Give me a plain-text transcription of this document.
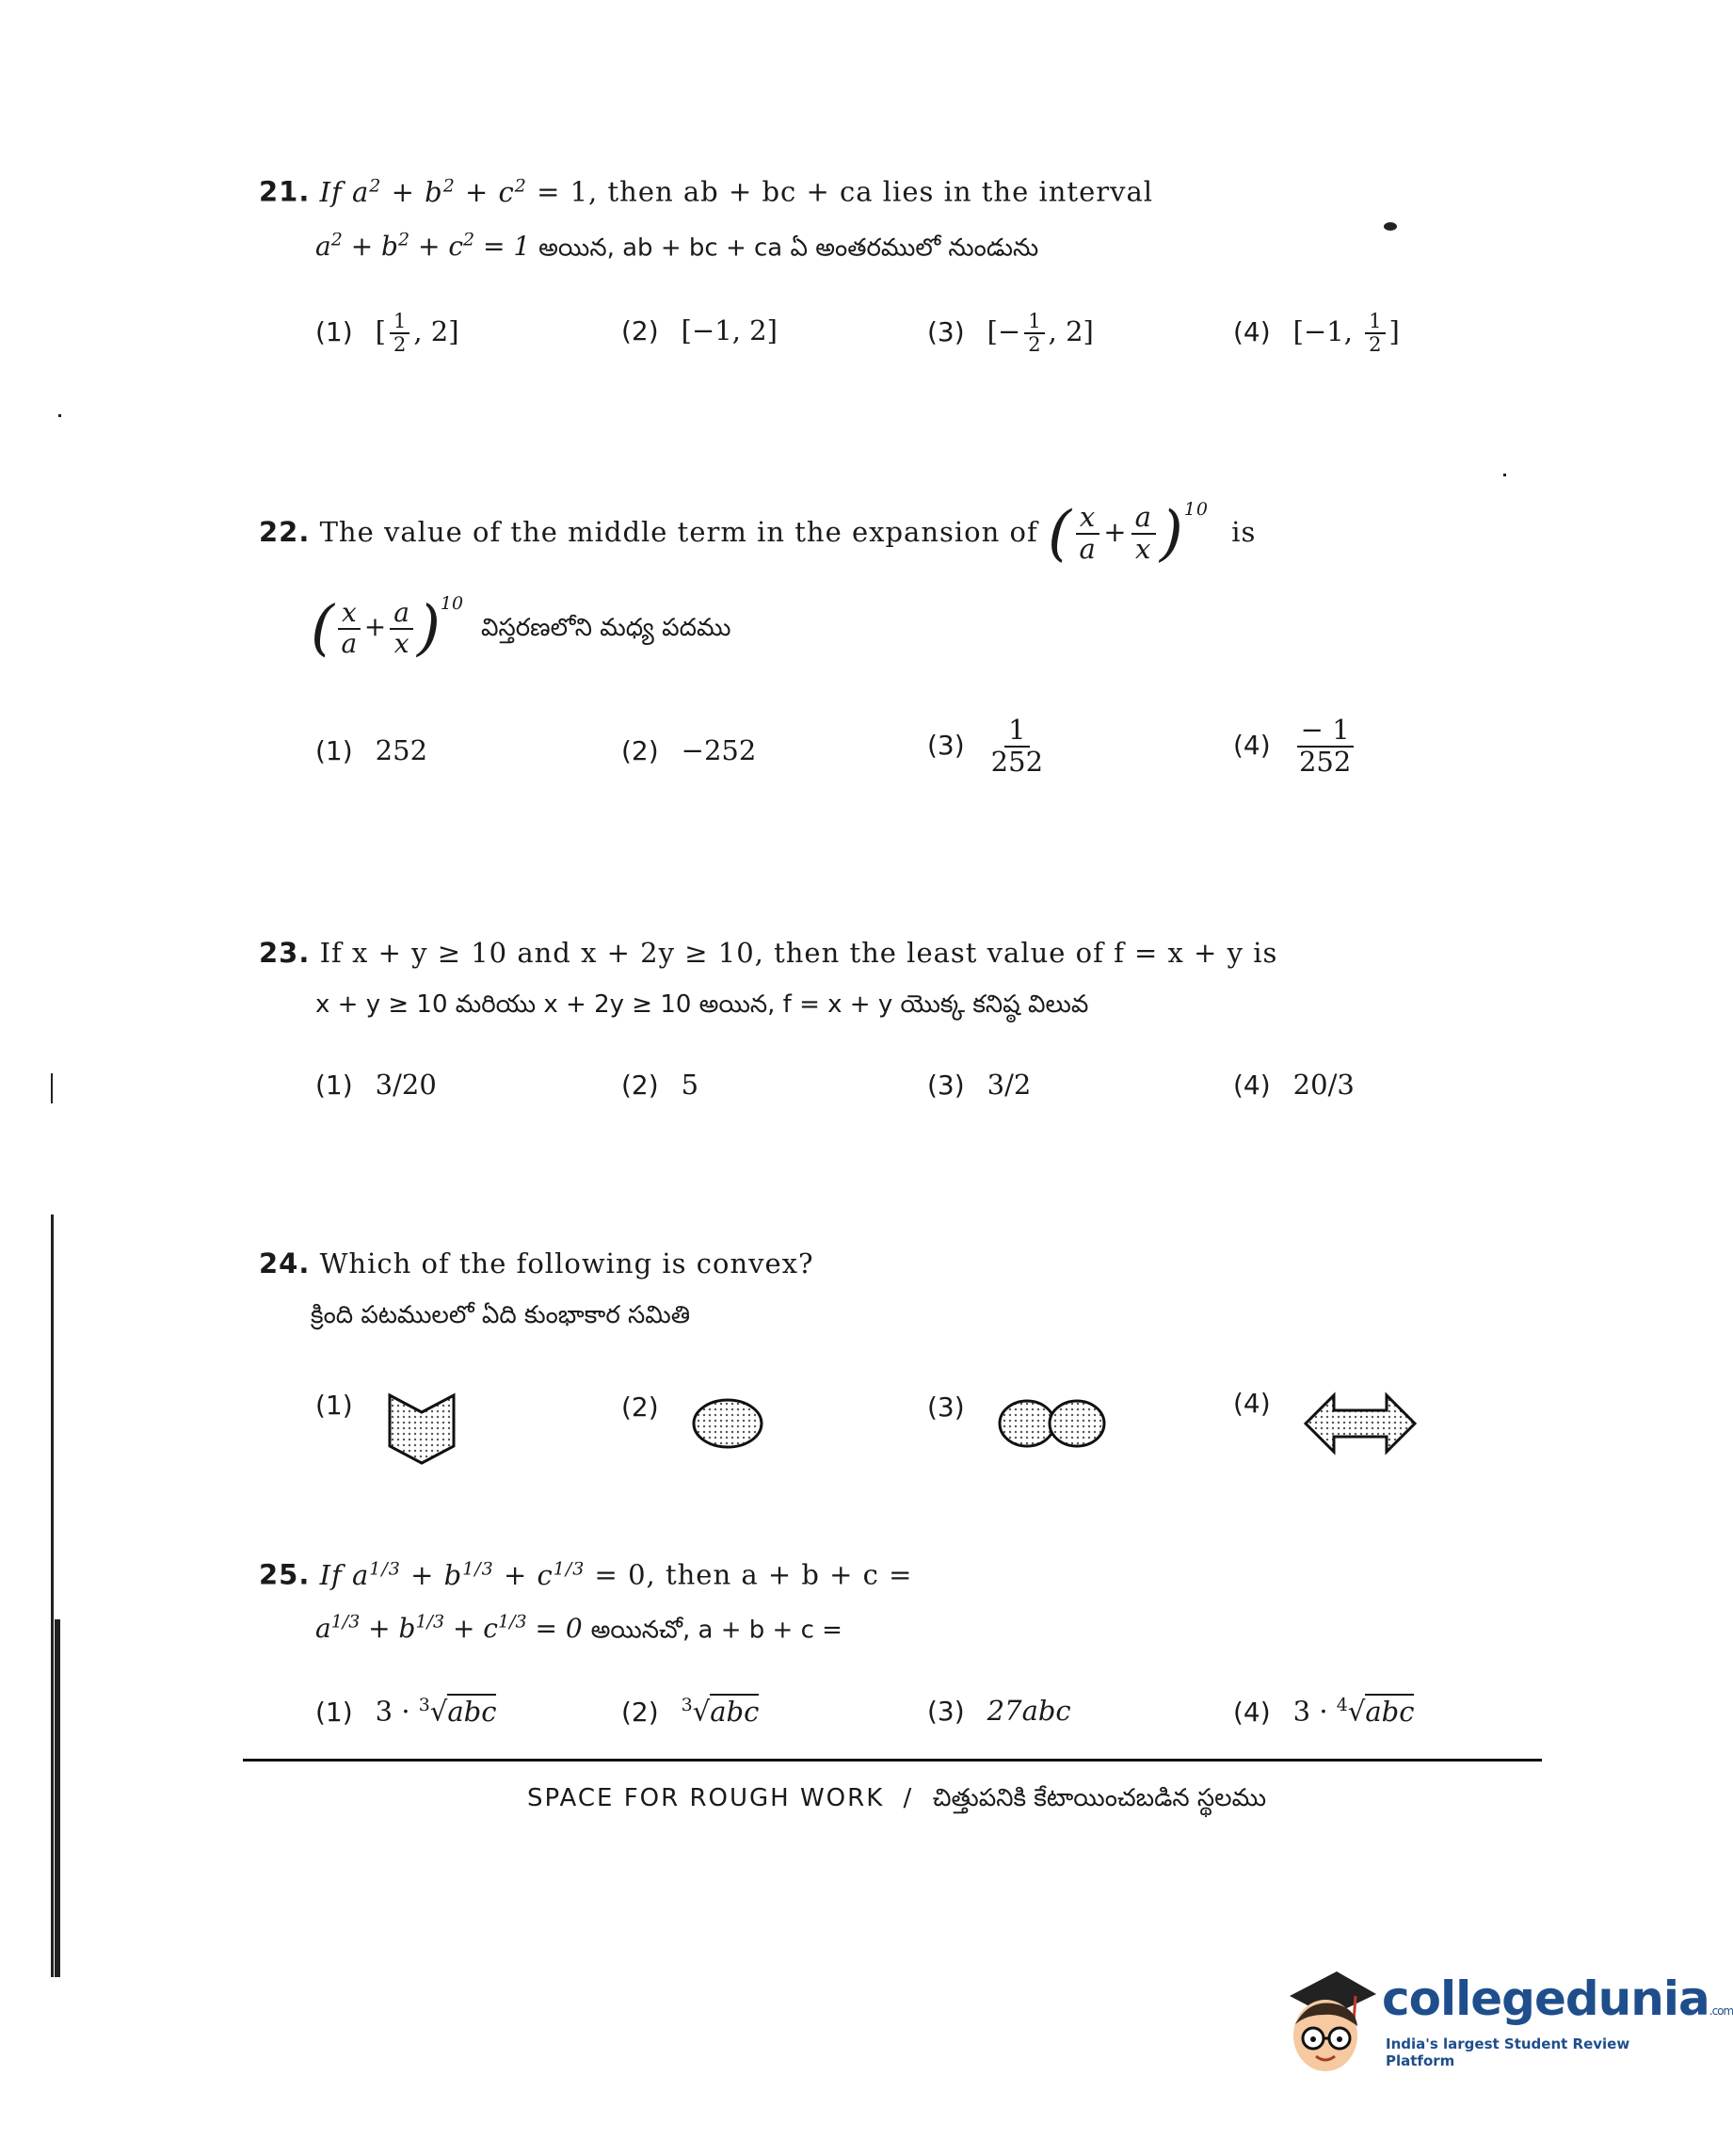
21. If $a^2 + b^2 + c^2 = 1$, then ab + bc + ca lies in the interval
$a^2 + b^2 + c^2 = 1$ అయిన, ab + bc + ca ఏ అంతరములో నుండును
(1) [ $\frac{1}{2}$ , 2]	(2) [−1, 2]	(3) [− $\frac{1}{2}$ , 2]	(4) [−1, $\frac{1}{2}$ ]
22. The value of the middle term in the expansion of ( $\frac{x}{a} + \frac{a}{x} )^{10}$ is
( $\frac{x}{a} + \frac{a}{x} )^{10}$ విస్తరణలోని మధ్య పదము
(1) 252	(2) −252	$(3) \frac{1}{252}$	$(4) \frac{- 1}{252}$
23. If x + y ≥ 10 and x + 2y ≥ 10, then the least value of f = x + y is
x + y ≥ 10 మరియు x + 2y ≥ 10 అయిన, f = x + y యొక్క కనిష్ఠ విలువ
(1) 3/20	(2) 5	(3) 3/2	(4) 20/3
24. Which of the following is convex?
క్రింది పటములలో ఏది కుంభాకార సమితి
(1)	(2)	(3)	(4)
25. If $a^{1/3} + b^{1/3} + c^{1/3} = 0$, then a + b + c =
$a^{1/3} + b^{1/3} + c^{1/3} = 0$ అయినచో, a + b + c =
(1) 3 · $^3$√abc	(2) $^3$√abc	(3) 27abc	(4) 3 · $^4$√abc
SPACE FOR ROUGH WORK / చిత్తుపనికి కేటాయించబడిన స్థలము
collegedunia.com
India's largest Student Review Platform
